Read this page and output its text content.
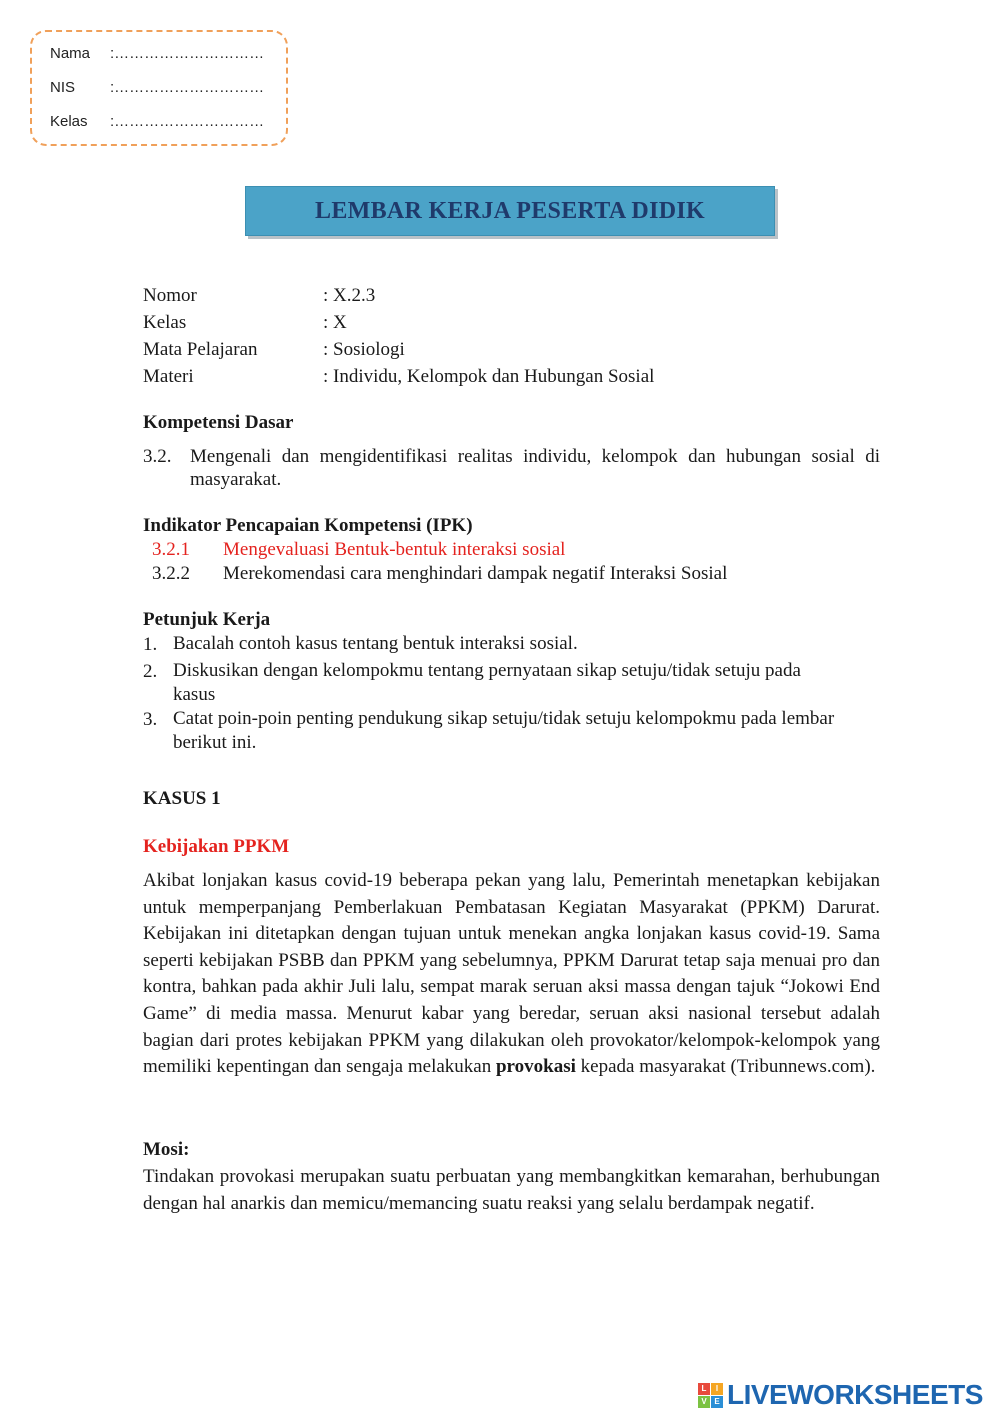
Nama :…………………………
NIS :…………………………
Kelas :…………………………
LEMBAR KERJA PESERTA DIDIK
Nomor	: X.2.3
Kelas	: X
Mata Pelajaran	: Sosiologi
Materi	: Individu, Kelompok dan Hubungan Sosial
Kompetensi Dasar
3.2. Mengenali dan mengidentifikasi realitas individu, kelompok dan hubungan sosial di masyarakat.
Indikator Pencapaian Kompetensi (IPK)
3.2.1	Mengevaluasi Bentuk-bentuk interaksi sosial
3.2.2	Merekomendasi cara menghindari dampak negatif Interaksi Sosial
Petunjuk Kerja
1. Bacalah contoh kasus tentang bentuk interaksi sosial.
2. Diskusikan dengan kelompokmu tentang pernyataan sikap setuju/tidak setuju pada kasus
3. Catat poin-poin penting pendukung sikap setuju/tidak setuju kelompokmu pada lembar berikut ini.
KASUS 1
Kebijakan PPKM
Akibat lonjakan kasus covid-19 beberapa pekan yang lalu, Pemerintah menetapkan kebijakan untuk memperpanjang Pemberlakuan Pembatasan Kegiatan Masyarakat (PPKM) Darurat. Kebijakan ini ditetapkan dengan tujuan untuk menekan angka lonjakan kasus covid-19. Sama seperti kebijakan PSBB dan PPKM yang sebelumnya, PPKM Darurat tetap saja menuai pro dan kontra, bahkan pada akhir Juli lalu, sempat marak seruan aksi massa dengan tajuk “Jokowi End Game” di media massa. Menurut kabar yang beredar, seruan aksi nasional tersebut adalah bagian dari protes kebijakan PPKM yang dilakukan oleh provokator/kelompok-kelompok yang memiliki kepentingan dan sengaja melakukan provokasi kepada masyarakat (Tribunnews.com).
Mosi:
Tindakan provokasi merupakan suatu perbuatan yang membangkitkan kemarahan, berhubungan dengan hal anarkis dan memicu/memancing suatu reaksi yang selalu berdampak negatif.
L	I
V E LIVEWORKSHEETS
